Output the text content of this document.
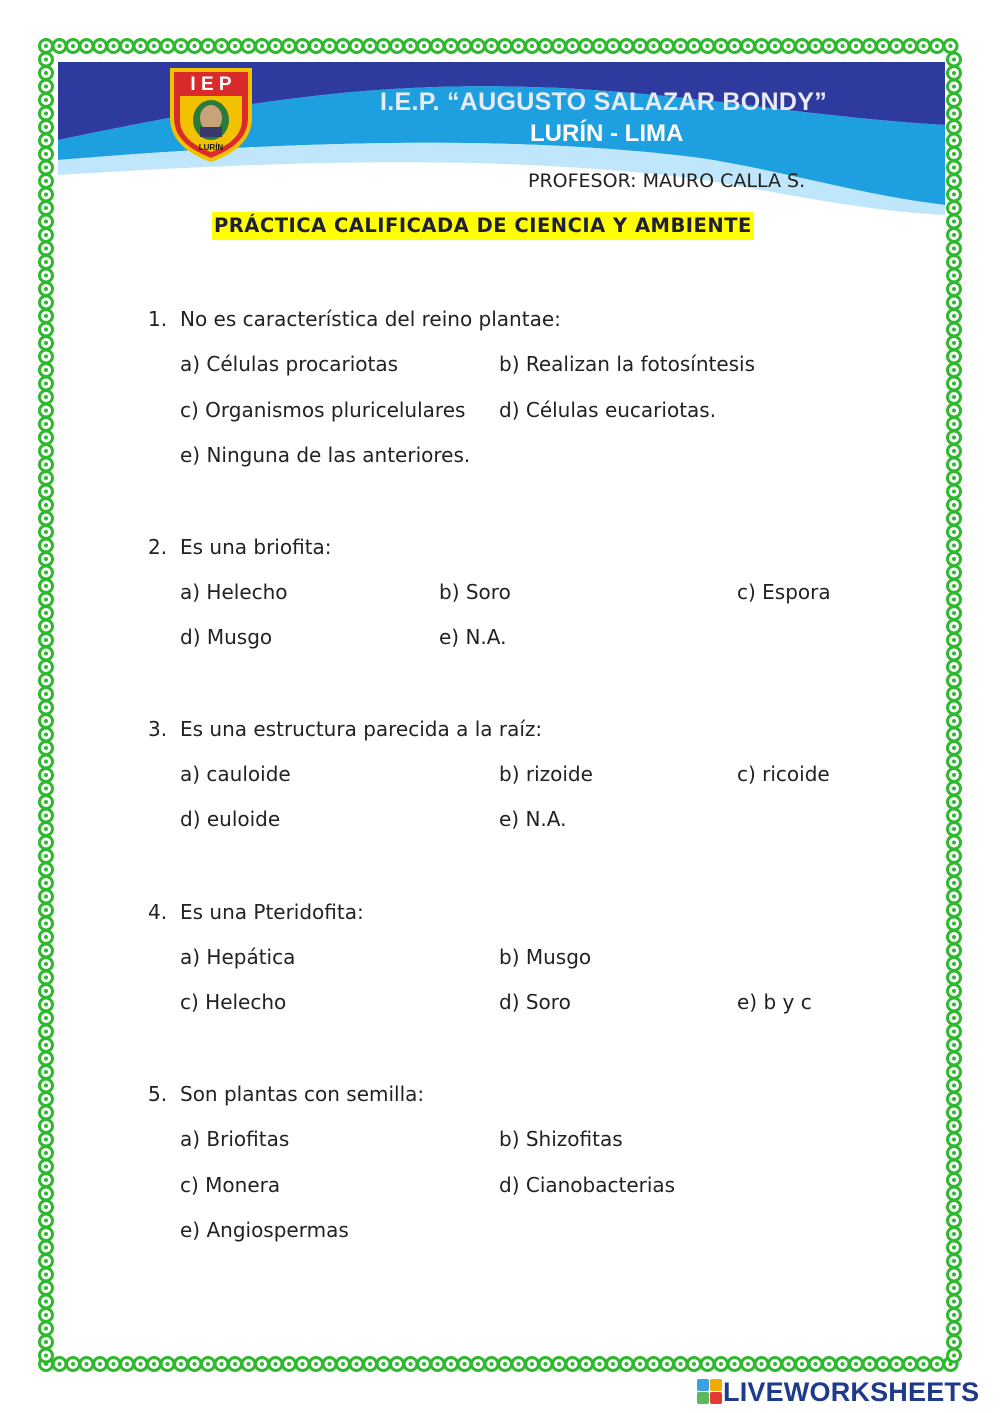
I E P
LURÍN
I.E.P. “AUGUSTO SALAZAR BONDY”
LURÍN - LIMA
PROFESOR: MAURO CALLA S.
PRÁCTICA CALIFICADA DE CIENCIA Y AMBIENTE
1. No es característica del reino plantae:
a) Células procariotas	b) Realizan la fotosíntesis
c) Organismos pluricelulares d) Células eucariotas.
e) Ninguna de las anteriores.
2. Es una briofita:
a) Helecho	b) Soro	c) Espora
d) Musgo	e) N.A.
3. Es una estructura parecida a la raíz:
a) cauloide	b) rizoide	c) ricoide
d) euloide	e) N.A.
4. Es una Pteridofita:
a) Hepática	b) Musgo
c) Helecho	d) Soro	e) b y c
5. Son plantas con semilla:
a) Briofitas	b) Shizofitas
c) Monera	d) Cianobacterias
e) Angiospermas
LIVEWORKSHEETS
